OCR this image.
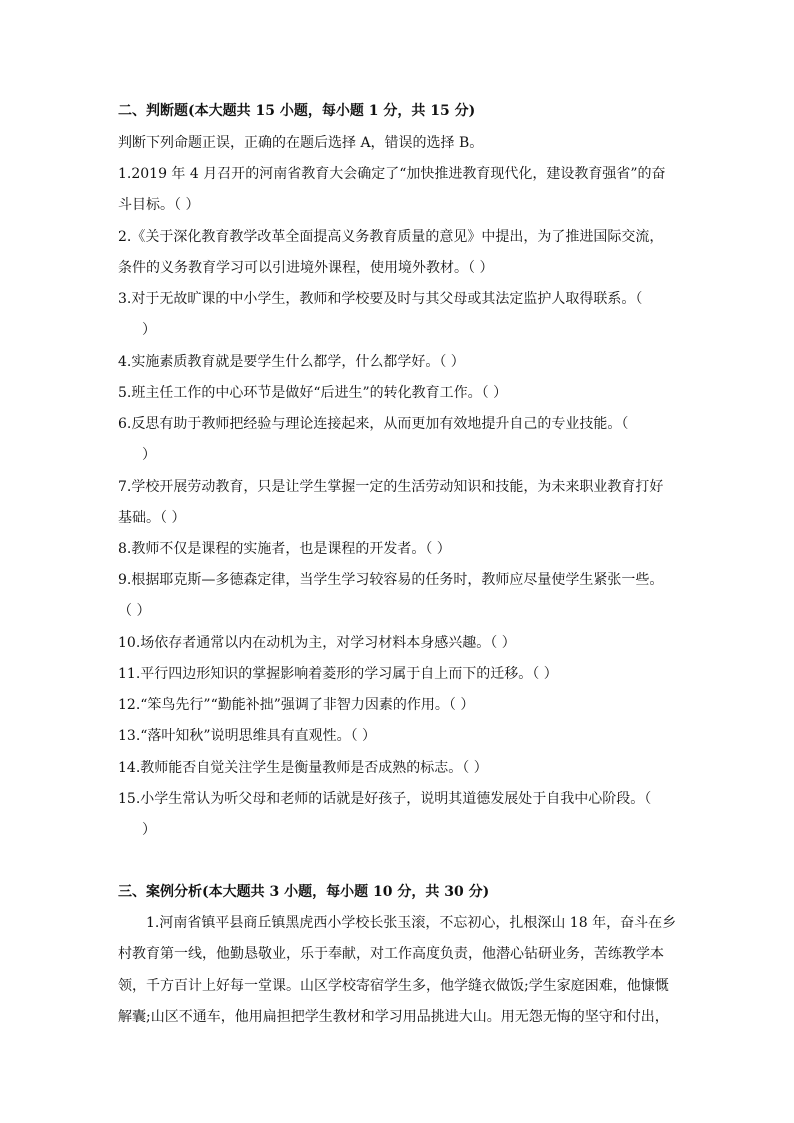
二、判断题(本大题共 15 小题，每小题 1 分，共 15 分)
判断下列命题正误，正确的在题后选择 A，错误的选择 B。
1.2019 年 4 月召开的河南省教育大会确定了“加快推进教育现代化，建设教育强省”的奋
斗目标。（ ）
2.《关于深化教育教学改革全面提高义务教育质量的意见》中提出，为了推进国际交流，
条件的义务教育学习可以引进境外课程，使用境外教材。（ ）
3.对于无故旷课的中小学生，教师和学校要及时与其父母或其法定监护人取得联系。（
）
4.实施素质教育就是要学生什么都学，什么都学好。（ ）
5.班主任工作的中心环节是做好“后进生”的转化教育工作。（ ）
6.反思有助于教师把经验与理论连接起来，从而更加有效地提升自己的专业技能。（
）
7.学校开展劳动教育，只是让学生掌握一定的生活劳动知识和技能，为未来职业教育打好
基础。（ ）
8.教师不仅是课程的实施者，也是课程的开发者。（ ）
9.根据耶克斯—多德森定律，当学生学习较容易的任务时，教师应尽量使学生紧张一些。
（ ）
10.场依存者通常以内在动机为主，对学习材料本身感兴趣。（ ）
11.平行四边形知识的掌握影响着菱形的学习属于自上而下的迁移。（ ）
12.“笨鸟先行”“勤能补拙”强调了非智力因素的作用。（ ）
13.“落叶知秋”说明思维具有直观性。（ ）
14.教师能否自觉关注学生是衡量教师是否成熟的标志。（ ）
15.小学生常认为听父母和老师的话就是好孩子，说明其道德发展处于自我中心阶段。（
）
三、案例分析(本大题共 3 小题，每小题 10 分，共 30 分)
1.河南省镇平县商丘镇黑虎西小学校长张玉滚，不忘初心，扎根深山 18 年，奋斗在乡
村教育第一线，他勤恳敬业，乐于奉献，对工作高度负责，他潜心钻研业务，苦练教学本
领，千方百计上好每一堂课。山区学校寄宿学生多，他学缝衣做饭;学生家庭困难，他慷慨
解囊;山区不通车，他用扁担把学生教材和学习用品挑进大山。用无怨无悔的坚守和付出，
